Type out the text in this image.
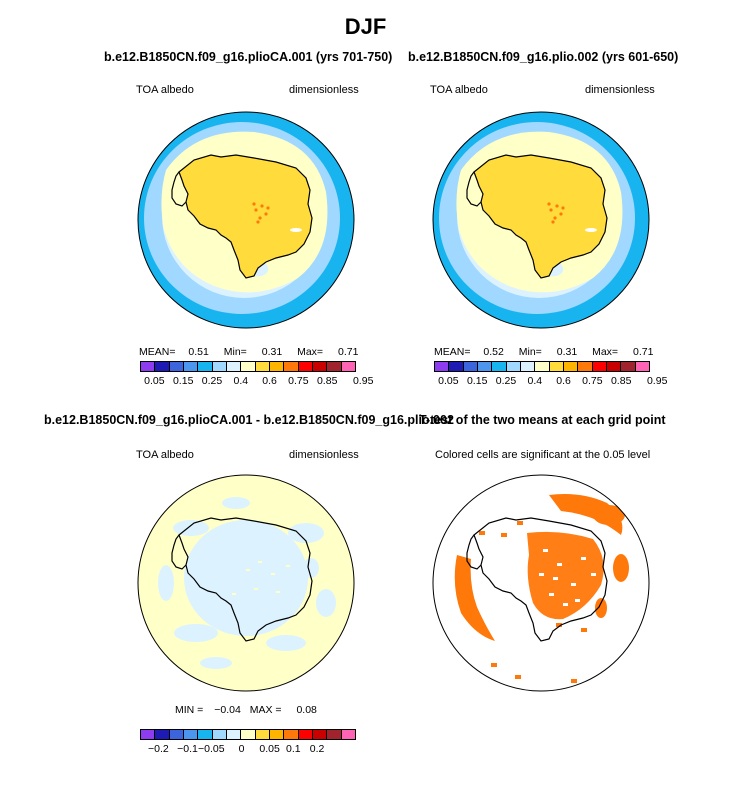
DJF
b.e12.B1850CN.f09_g16.plioCA.001 (yrs 701-750)
TOA albedo	dimensionless
MEAN= 0.51 Min= 0.31 Max= 0.71
0.05 0.15 0.25 0.4 0.6 0.75 0.85 0.95
b.e12.B1850CN.f09_g16.plio.002 (yrs 601-650)
TOA albedo	dimensionless
MEAN= 0.52 Min= 0.31 Max= 0.71
0.05 0.15 0.25 0.4 0.6 0.75 0.85 0.95
b.e12.B1850CN.f09_g16.plioCA.001 - b.e12.B1850CN.f09_g16.plio.002
TOA albedo	dimensionless
MIN = −0.04 MAX = 0.08
−0.2 −0.1 −0.05 0 0.05 0.1 0.2
T-test of the two means at each grid point
Colored cells are significant at the 0.05 level
